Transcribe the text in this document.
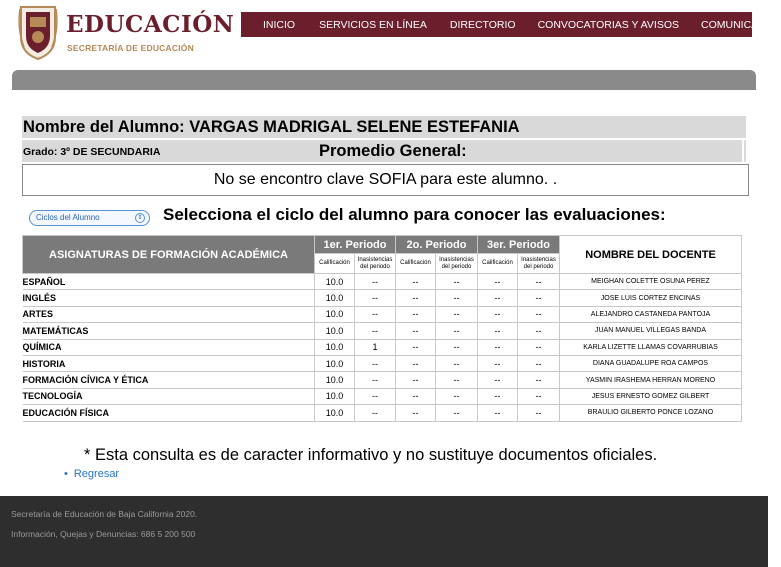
EDUCACIÓN
SECRETARÍA DE EDUCACIÓN
INICIO SERVICIOS EN LÍNEA DIRECTORIO CONVOCATORIAS Y AVISOS COMUNICADOS
Nombre del Alumno: VARGAS MADRIGAL SELENE ESTEFANIA
Grado: 3º DE SECUNDARIA	Promedio General:
No se encontro clave SOFIA para este alumno. .
Ciclos del Alumno	⇕ Selecciona el ciclo del alumno para conocer las evaluaciones:
ASIGNATURAS DE FORMACIÓN ACADÉMICA	1er. Periodo		2o. Periodo		3er. Periodo		NOMBRE DEL DOCENTE
	Calificación	Inasistencias
del periodo	Calificación	Inasistencias
del periodo	Calificación	Inasistencias
del periodo	
ESPAÑOL	10.0	--	--	--	--	--	MEIGHAN COLETTE OSUNA PEREZ
INGLÉS	10.0	--	--	--	--	--	JOSE LUIS CORTEZ ENCINAS
ARTES	10.0	--	--	--	--	--	ALEJANDRO CASTANEDA PANTOJA
MATEMÁTICAS	10.0	--	--	--	--	--	JUAN MANUEL VILLEGAS BANDA
QUÍMICA	10.0	1	--	--	--	--	KARLA LIZETTE LLAMAS COVARRUBIAS
HISTORIA	10.0	--	--	--	--	--	DIANA GUADALUPE ROA CAMPOS
FORMACIÓN CÍVICA Y ÉTICA	10.0	--	--	--	--	--	YASMIN IRASHEMA HERRAN MORENO
TECNOLOGÍA	10.0	--	--	--	--	--	JESUS ERNESTO GOMEZ GILBERT
EDUCACIÓN FÍSICA	10.0	--	--	--	--	--	BRAULIO GILBERTO PONCE LOZANO
* Esta consulta es de caracter informativo y no sustituye documentos oficiales.
• Regresar
Secretaría de Educación de Baja California 2020.
Información, Quejas y Denuncias: 686 5 200 500
